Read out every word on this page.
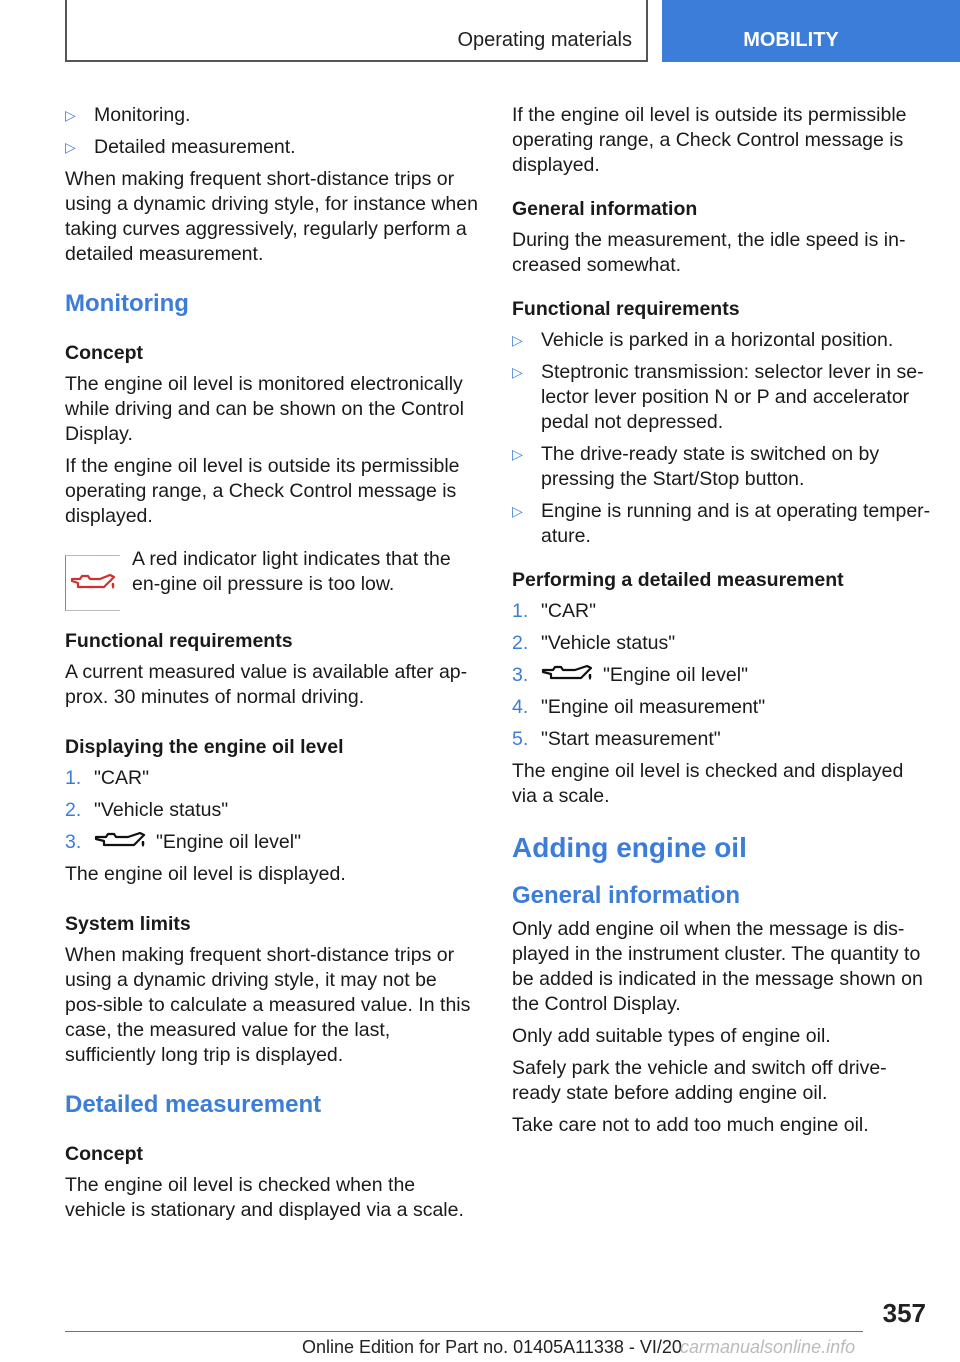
Operating materials	MOBILITY
▷ Monitoring.
▷ Detailed measurement.

When making frequent short-distance trips or using a dynamic driving style, for instance when taking curves aggressively, regularly perform a detailed measurement.

Monitoring
Concept

The engine oil level is monitored electronically while driving and can be shown on the Control Display.

If the engine oil level is outside its permissible operating range, a Check Control message is displayed.

A red indicator light indicates that the en‐gine oil pressure is too low.
Functional requirements

A current measured value is available after ap‐prox. 30 minutes of normal driving.

Displaying the engine oil level
1. "CAR"
2. "Vehicle status"
3.	"Engine oil level"

The engine oil level is displayed.

System limits

When making frequent short-distance trips or using a dynamic driving style, it may not be pos‐sible to calculate a measured value. In this case, the measured value for the last, sufficiently long trip is displayed.

Detailed measurement
Concept

The engine oil level is checked when the vehicle is stationary and displayed via a scale.

If the engine oil level is outside its permissible operating range, a Check Control message is displayed.

General information

During the measurement, the idle speed is in‐creased somewhat.

Functional requirements
▷ Vehicle is parked in a horizontal position.
▷ Steptronic transmission: selector lever in se‐lector lever position N or P and accelerator pedal not depressed.
▷ The drive-ready state is switched on by pressing the Start/Stop button.
▷ Engine is running and is at operating temper‐ature.
Performing a detailed measurement
1. "CAR"
2. "Vehicle status"
3.	"Engine oil level"
4. "Engine oil measurement"
5. "Start measurement"

The engine oil level is checked and displayed via a scale.

Adding engine oil
General information

Only add engine oil when the message is dis‐played in the instrument cluster. The quantity to be added is indicated in the message shown on the Control Display.

Only add suitable types of engine oil.

Safely park the vehicle and switch off drive-ready state before adding engine oil.

Take care not to add too much engine oil.

357
Online Edition for Part no. 01405A11338 - VI/20
carmanualsonline.info
